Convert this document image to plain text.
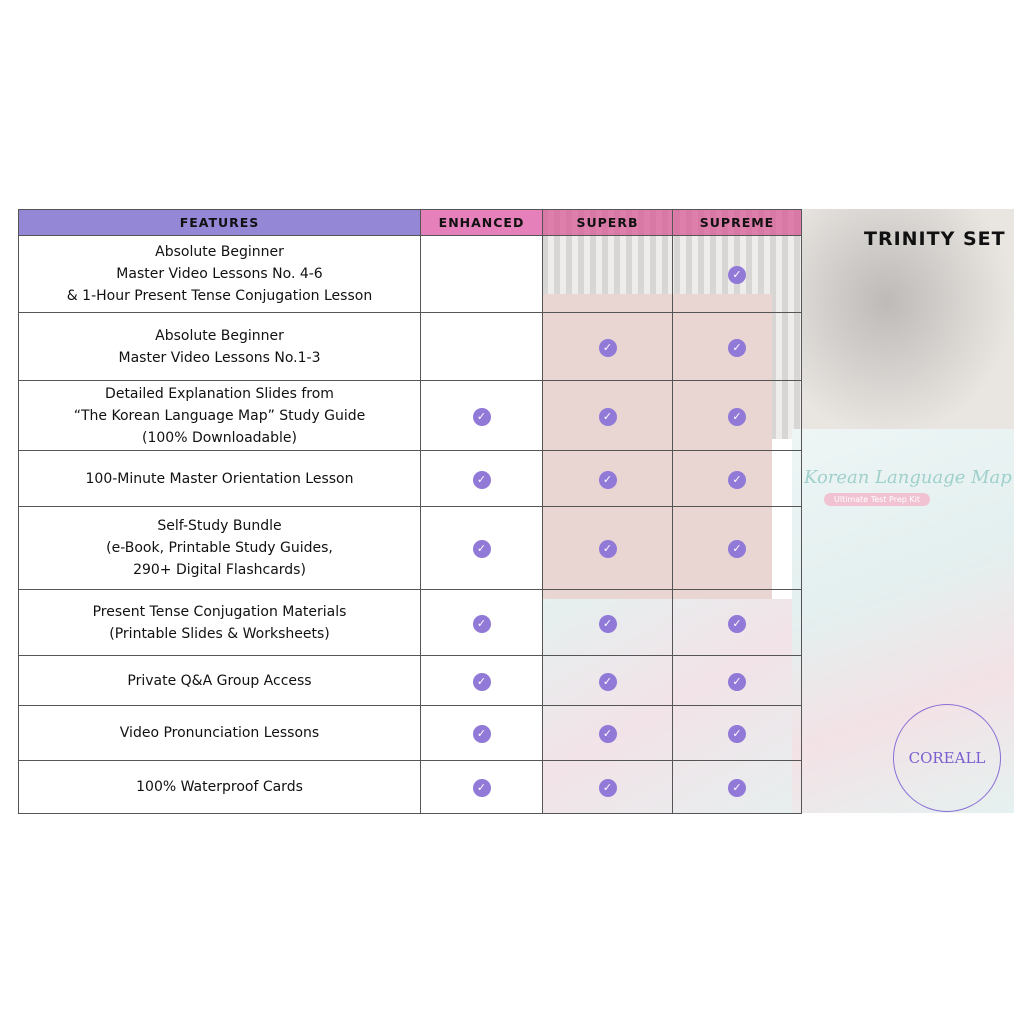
Korean Language Map
Ultimate Test Prep Kit
TRINITY SET
COREALL
FEATURES	ENHANCED	SUPERB	SUPREME

Absolute Beginner
Master Video Lessons No. 4-6
& 1-Hour Present Tense Conjugation Lesson			✓

Absolute Beginner
Master Video Lessons No.1-3		✓	✓

Detailed Explanation Slides from
“The Korean Language Map” Study Guide
(100% Downloadable)	✓	✓	✓

100-Minute Master Orientation Lesson	✓	✓	✓

Self-Study Bundle
(e-Book, Printable Study Guides,
290+ Digital Flashcards)	✓	✓	✓

Present Tense Conjugation Materials
(Printable Slides & Worksheets)	✓	✓	✓

Private Q&A Group Access	✓	✓	✓

Video Pronunciation Lessons	✓	✓	✓

100% Waterproof Cards	✓	✓	✓
